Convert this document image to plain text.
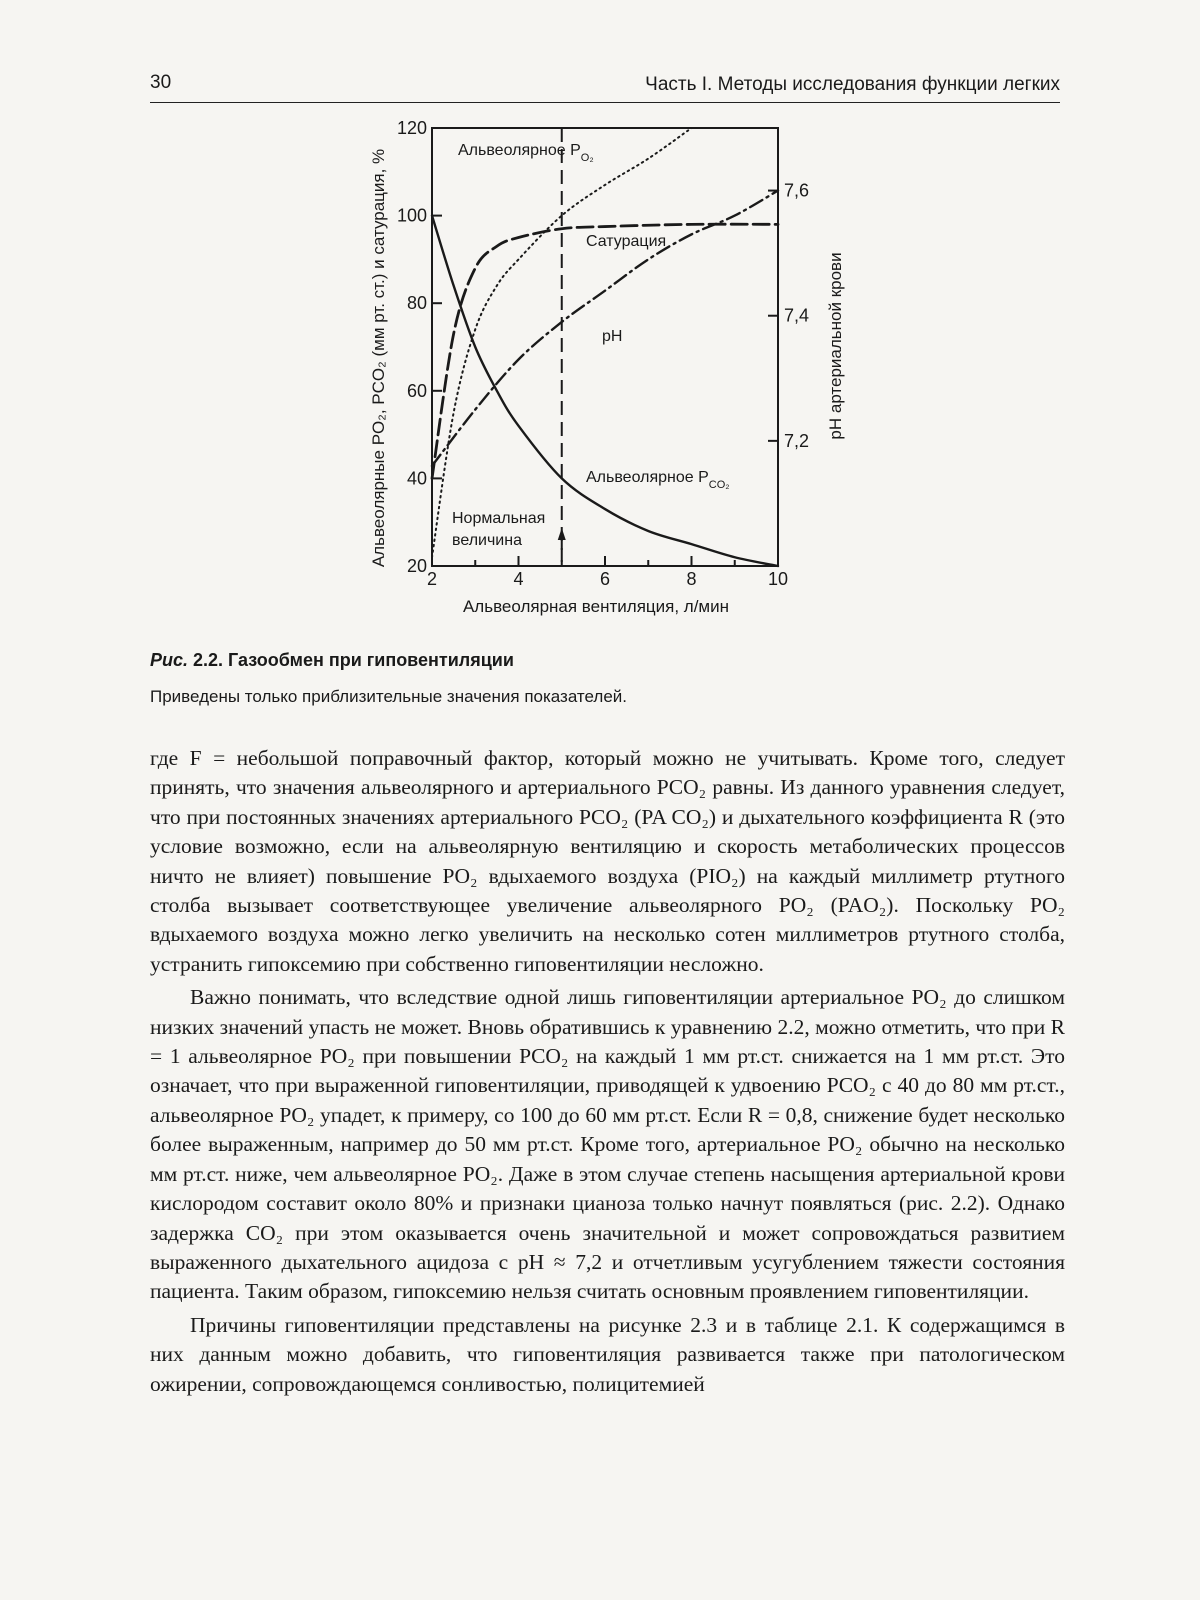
30	Часть I. Методы исследования функции легких
120
100
80
60
40
20
7,6
7,4
7,2
2	4	6	8	10
Альвеолярное $P_{O_2}$
Сатурация
pH
Альвеолярное $P_{CO_2}$
Нормальная
величина
Альвеолярные PO₂, PCO₂ (мм рт. ст.) и сатурация, %	pH артериальной крови
Альвеолярная вентиляция, л/мин
Рис. 2.2. Газообмен при гиповентиляции
Приведены только приблизительные значения показателей.

где F = небольшой поправочный фактор, который можно не учитывать. Кроме того, следует принять, что значения альвеолярного и артериального PCO₂ равны. Из данного уравнения следует, что при постоянных значениях артериального PCO₂ (PA CO₂) и дыхательного коэффициента R (это условие возможно, если на альвеолярную вентиляцию и скорость метаболических процессов ничто не влияет) повышение PO₂ вдыхаемого воздуха (PIO₂) на каждый миллиметр ртутного столба вызывает соответствующее увеличение альвеолярного PO₂ (PAO₂). Поскольку PO₂ вдыхаемого воздуха можно легко увеличить на несколько сотен миллиметров ртутного столба, устранить гипоксемию при собственно гиповентиляции несложно.

Важно понимать, что вследствие одной лишь гиповентиляции артериальное PO₂ до слишком низких значений упасть не может. Вновь обратившись к уравнению 2.2, можно отметить, что при R = 1 альвеолярное PO₂ при повышении PCO₂ на каждый 1 мм рт.ст. снижается на 1 мм рт.ст. Это означает, что при выраженной гиповентиляции, приводящей к удвоению PCO₂ с 40 до 80 мм рт.ст., альвеолярное PO₂ упадет, к примеру, со 100 до 60 мм рт.ст. Если R = 0,8, снижение будет несколько более выраженным, например до 50 мм рт.ст. Кроме того, артериальное PO₂ обычно на несколько мм рт.ст. ниже, чем альвеолярное PO₂. Даже в этом случае степень насыщения артериальной крови кислородом составит около 80% и признаки цианоза только начнут появляться (рис. 2.2). Однако задержка CO₂ при этом оказывается очень значительной и может сопровождаться развитием выраженного дыхательного ацидоза с pH ≈ 7,2 и отчетливым усугублением тяжести состояния пациента. Таким образом, гипоксемию нельзя считать основным проявлением гиповентиляции.

Причины гиповентиляции представлены на рисунке 2.3 и в таблице 2.1. К содержащимся в них данным можно добавить, что гиповентиляция развивается также при патологическом ожирении, сопровождающемся сонливостью, полицитемией
